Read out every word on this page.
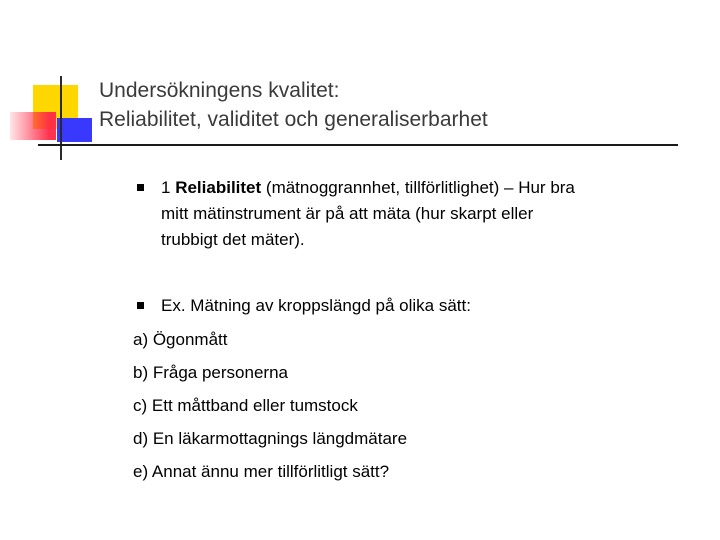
Undersökningens kvalitet:
Reliabilitet, validitet och generaliserbarhet
1 Reliabilitet (mätnoggrannhet, tillförlitlighet) – Hur bra
mitt mätinstrument är på att mäta (hur skarpt eller
trubbigt det mäter).
Ex. Mätning av kroppslängd på olika sätt:
a) Ögonmått
b) Fråga personerna
c) Ett måttband eller tumstock
d) En läkarmottagnings längdmätare
e) Annat ännu mer tillförlitligt sätt?
